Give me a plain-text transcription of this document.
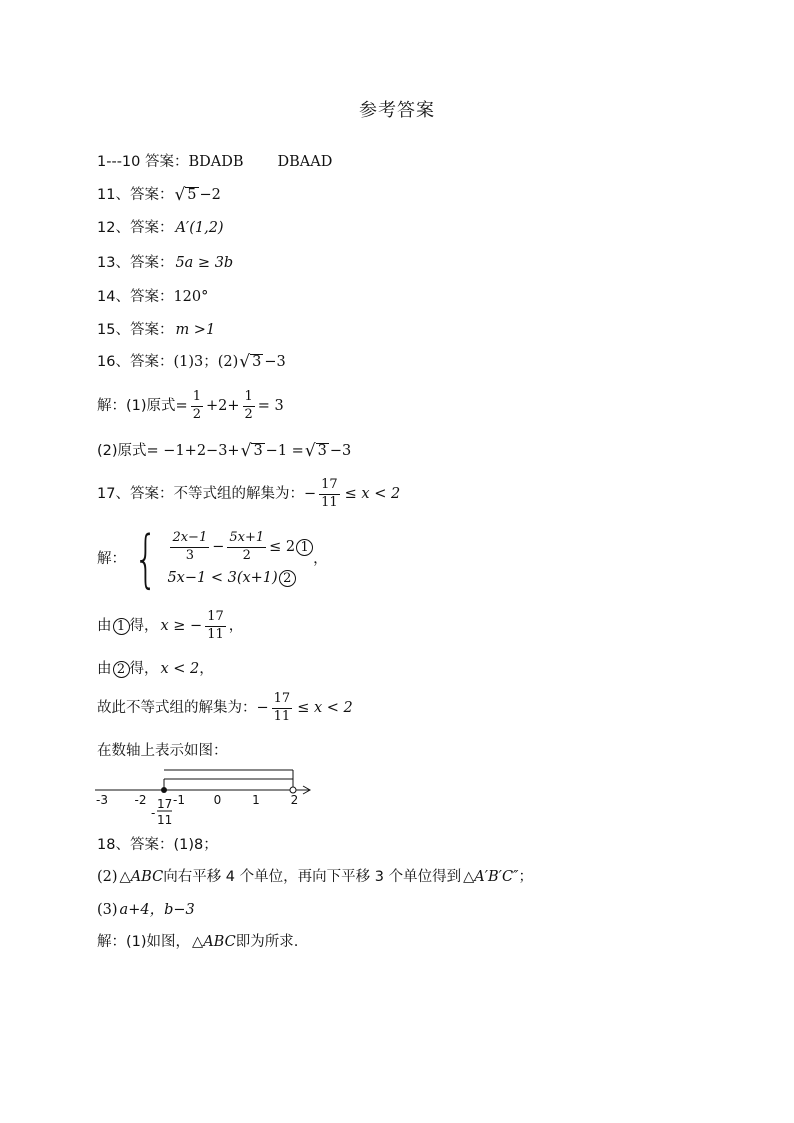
参考答案
1---10 答案： BDADB DBAAD
11、答案： √ 5 −2
12、答案： A′(1,2)
13、答案： 5a ≥ 3b
14、答案： 120°
15、答案： m >1
16、答案： (1)3；(2) √ 3 −3
解：(1)原式 = $\frac{1}{2} +2+ \frac{1}{2} = 3$
(2)原式 = −1+2−3+ √ 3 −1 = √ 3 −3
17、答案：不等式组的解集为： − $\frac{17}{11} \le x < 2$
解： { $\frac{2x-1}{3} - \frac{5x+1}{2} \le 2$ 1
5x−1 < 3(x+1) 2
，
由 1 得， x ≥ − $\frac{17}{11}$ ，
由 2 得， x < 2 ，
故此不等式组的解集为： − $\frac{17}{11} \le x < 2$
在数轴上表示如图：
-3 -2 -1 0	1	2
-
17
11
18、答案：(1)8；
(2) △ABC 向右平移 4 个单位，再向下平移 3 个单位得到 △A′B′C″ ；
(3) a+4，b−3
解：(1)如图， △ABC 即为所求.
